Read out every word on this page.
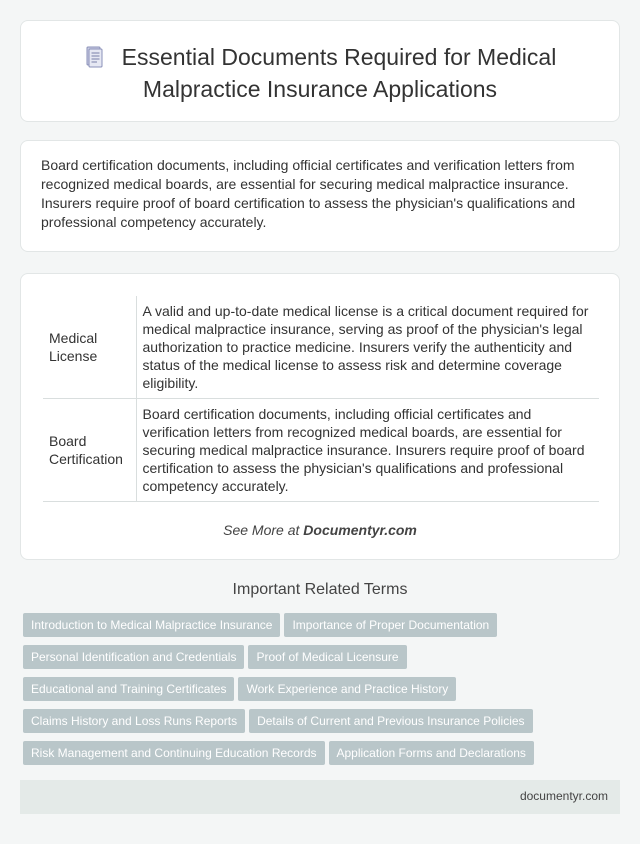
Essential Documents Required for Medical
Malpractice Insurance Applications
Board certification documents, including official certificates and verification letters from recognized medical boards, are essential for securing medical malpractice insurance. Insurers require proof of board certification to assess the physician's qualifications and professional competency accurately.
Medical License	A valid and up-to-date medical license is a critical document required for medical malpractice insurance, serving as proof of the physician's legal authorization to practice medicine. Insurers verify the authenticity and status of the medical license to assess risk and determine coverage eligibility.
Board Certification	Board certification documents, including official certificates and verification letters from recognized medical boards, are essential for securing medical malpractice insurance. Insurers require proof of board certification to assess the physician's qualifications and professional competency accurately.
See More at Documentyr.com
Important Related Terms
Introduction to Medical Malpractice Insurance Importance of Proper Documentation
Personal Identification and Credentials Proof of Medical Licensure
Educational and Training Certificates Work Experience and Practice History
Claims History and Loss Runs Reports Details of Current and Previous Insurance Policies
Risk Management and Continuing Education Records Application Forms and Declarations
documentyr.com
